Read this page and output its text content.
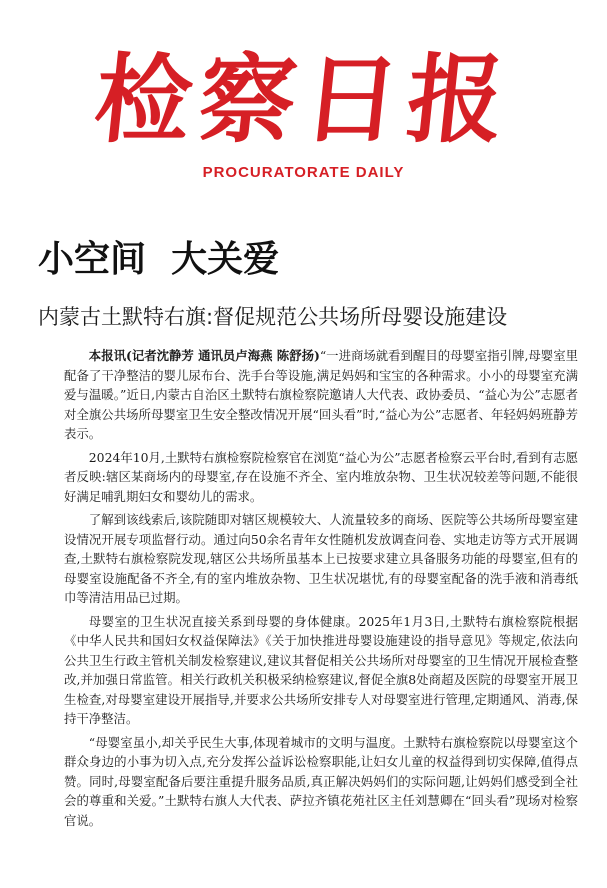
检察日报
PROCURATORATE DAILY
小空间  大关爱
内蒙古土默特右旗:督促规范公共场所母婴设施建设

本报讯(记者沈静芳 通讯员卢海燕 陈舒扬)“一进商场就看到醒目的母婴室指引牌,母婴室里配备了干净整洁的婴儿尿布台、洗手台等设施,满足妈妈和宝宝的各种需求。小小的母婴室充满爱与温暖。”近日,内蒙古自治区土默特右旗检察院邀请人大代表、政协委员、“益心为公”志愿者对全旗公共场所母婴室卫生安全整改情况开展“回头看”时,“益心为公”志愿者、年轻妈妈班静芳表示。

2024年10月,土默特右旗检察院检察官在浏览“益心为公”志愿者检察云平台时,看到有志愿者反映:辖区某商场内的母婴室,存在设施不齐全、室内堆放杂物、卫生状况较差等问题,不能很好满足哺乳期妇女和婴幼儿的需求。

了解到该线索后,该院随即对辖区规模较大、人流量较多的商场、医院等公共场所母婴室建设情况开展专项监督行动。通过向50余名青年女性随机发放调查问卷、实地走访等方式开展调查,土默特右旗检察院发现,辖区公共场所虽基本上已按要求建立具备服务功能的母婴室,但有的母婴室设施配备不齐全,有的室内堆放杂物、卫生状况堪忧,有的母婴室配备的洗手液和消毒纸巾等清洁用品已过期。

母婴室的卫生状况直接关系到母婴的身体健康。2025年1月3日,土默特右旗检察院根据《中华人民共和国妇女权益保障法》《关于加快推进母婴设施建设的指导意见》等规定,依法向公共卫生行政主管机关制发检察建议,建议其督促相关公共场所对母婴室的卫生情况开展检查整改,并加强日常监管。相关行政机关积极采纳检察建议,督促全旗8处商超及医院的母婴室开展卫生检查,对母婴室建设开展指导,并要求公共场所安排专人对母婴室进行管理,定期通风、消毒,保持干净整洁。

“母婴室虽小,却关乎民生大事,体现着城市的文明与温度。土默特右旗检察院以母婴室这个群众身边的小事为切入点,充分发挥公益诉讼检察职能,让妇女儿童的权益得到切实保障,值得点赞。同时,母婴室配备后要注重提升服务品质,真正解决妈妈们的实际问题,让妈妈们感受到全社会的尊重和关爱。”土默特右旗人大代表、萨拉齐镇花苑社区主任刘慧卿在“回头看”现场对检察官说。
